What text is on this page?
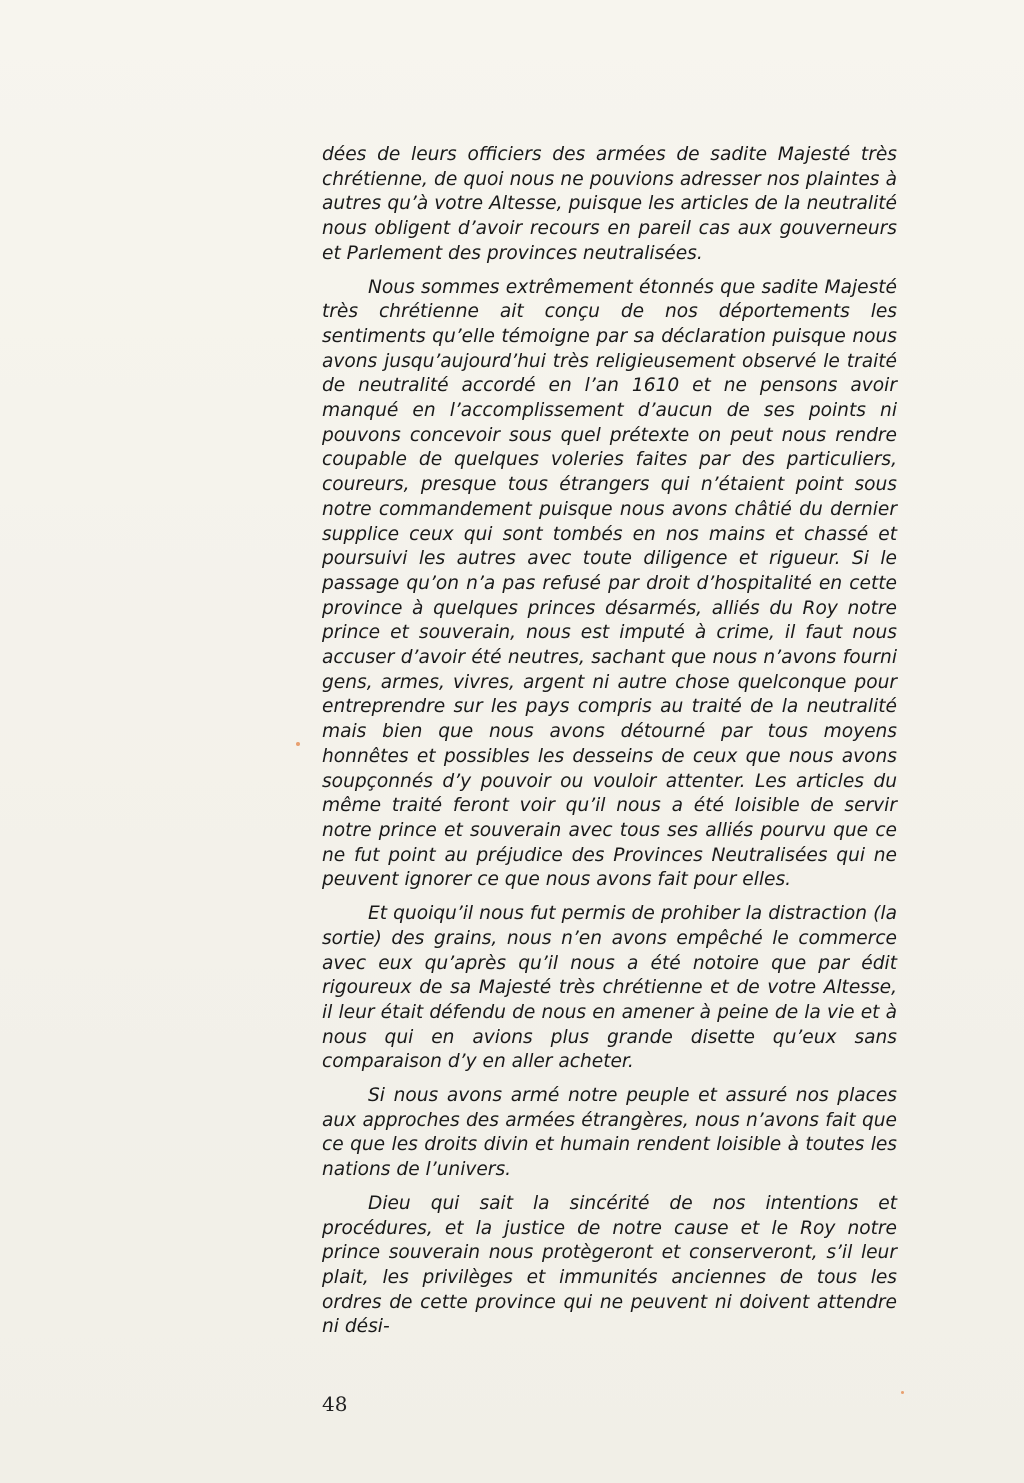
dées de leurs officiers des armées de sadite Majesté très chrétienne, de quoi nous ne pouvions adresser nos plaintes à autres qu’à votre Altesse, puisque les articles de la neutralité nous obligent d’avoir recours en pareil cas aux gouverneurs et Parlement des provinces neutralisées.

Nous sommes extrêmement étonnés que sadite Majesté très chrétienne ait conçu de nos déportements les sentiments qu’elle témoigne par sa déclaration puisque nous avons jusqu’aujourd’hui très religieusement observé le traité de neutralité accordé en l’an 1610 et ne pensons avoir manqué en l’accomplissement d’aucun de ses points ni pouvons concevoir sous quel prétexte on peut nous rendre coupable de quelques voleries faites par des particuliers, coureurs, presque tous étrangers qui n’étaient point sous notre commandement puisque nous avons châtié du dernier supplice ceux qui sont tombés en nos mains et chassé et poursuivi les autres avec toute diligence et rigueur. Si le passage qu’on n’a pas refusé par droit d’hospitalité en cette province à quelques princes désarmés, alliés du Roy notre prince et souverain, nous est imputé à crime, il faut nous accuser d’avoir été neutres, sachant que nous n’avons fourni gens, armes, vivres, argent ni autre chose quelconque pour entreprendre sur les pays compris au traité de la neutralité mais bien que nous avons détourné par tous moyens honnêtes et possibles les desseins de ceux que nous avons soupçonnés d’y pouvoir ou vouloir attenter. Les articles du même traité feront voir qu’il nous a été loisible de servir notre prince et souverain avec tous ses alliés pourvu que ce ne fut point au préjudice des Provinces Neutralisées qui ne peuvent ignorer ce que nous avons fait pour elles.

Et quoiqu’il nous fut permis de prohiber la distraction (la sortie) des grains, nous n’en avons empêché le commerce avec eux qu’après qu’il nous a été notoire que par édit rigoureux de sa Majesté très chrétienne et de votre Altesse, il leur était défendu de nous en amener à peine de la vie et à nous qui en avions plus grande disette qu’eux sans comparaison d’y en aller acheter.

Si nous avons armé notre peuple et assuré nos places aux approches des armées étrangères, nous n’avons fait que ce que les droits divin et humain rendent loisible à toutes les nations de l’univers.

Dieu qui sait la sincérité de nos intentions et procédures, et la justice de notre cause et le Roy notre prince souverain nous protègeront et conserveront, s’il leur plait, les privilèges et immunités anciennes de tous les ordres de cette province qui ne peuvent ni doivent attendre ni dési-

48
